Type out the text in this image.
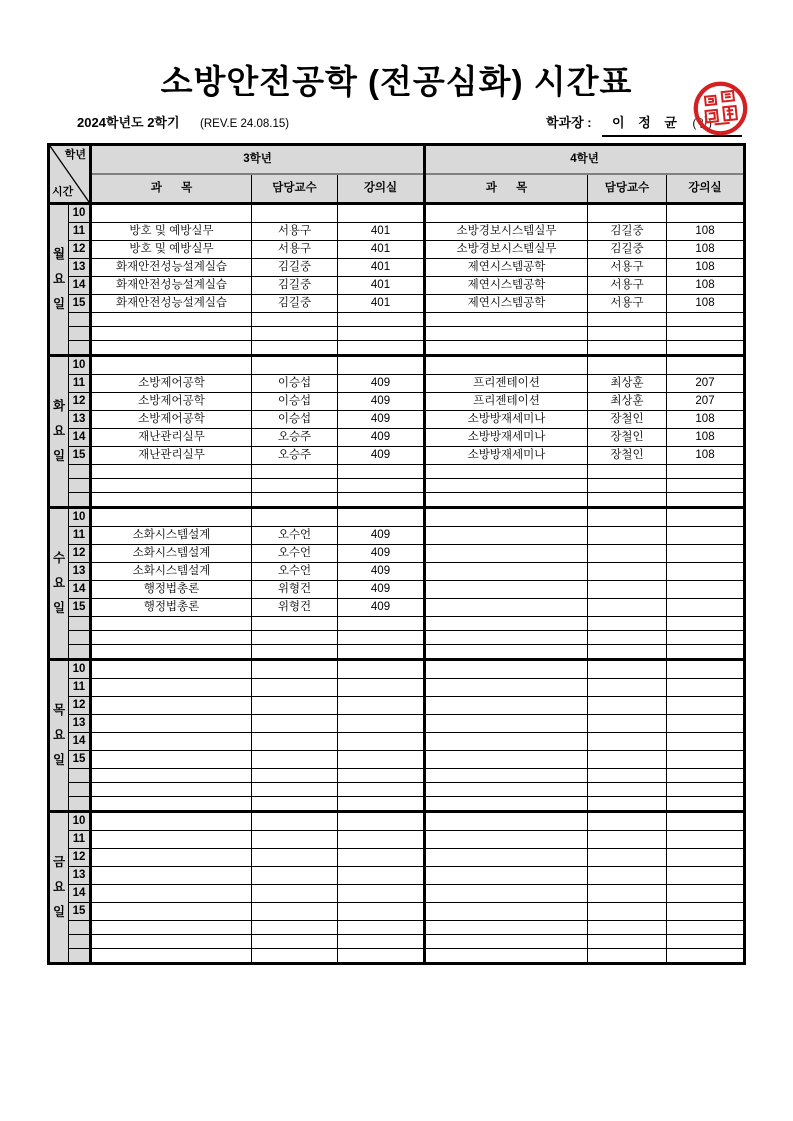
소방안전공학 (전공심화) 시간표
2024학년도 2학기 (REV.E 24.08.15)	학과장 : 이 정 균 (인)
학년
시간		3학년			4학년		
		과      목	담당교수	강의실	과      목	담당교수	강의실

월
요
일	10						
	11	방호 및 예방실무	서용구	401	소방경보시스템실무	김길중	108
	12	방호 및 예방실무	서용구	401	소방경보시스템실무	김길중	108
	13	화재안전성능설계실습	김길중	401	제연시스템공학	서용구	108
	14	화재안전성능설계실습	김길중	401	제연시스템공학	서용구	108
	15	화재안전성능설계실습	김길중	401	제연시스템공학	서용구	108

화
요
일	10						
	11	소방제어공학	이승섭	409	프리젠테이션	최상훈	207
	12	소방제어공학	이승섭	409	프리젠테이션	최상훈	207
	13	소방제어공학	이승섭	409	소방방재세미나	장철인	108
	14	재난관리실무	오승주	409	소방방재세미나	장철인	108
	15	재난관리실무	오승주	409	소방방재세미나	장철인	108

수
요
일	10						
	11	소화시스템설계	오수언	409			
	12	소화시스템설계	오수언	409			
	13	소화시스템설계	오수언	409			
	14	행정법총론	위형건	409			
	15	행정법총론	위형건	409			

목
요
일	10						
	11						
	12						
	13						
	14						
	15						

금
요
일	10						
	11						
	12						
	13						
	14						
	15						
